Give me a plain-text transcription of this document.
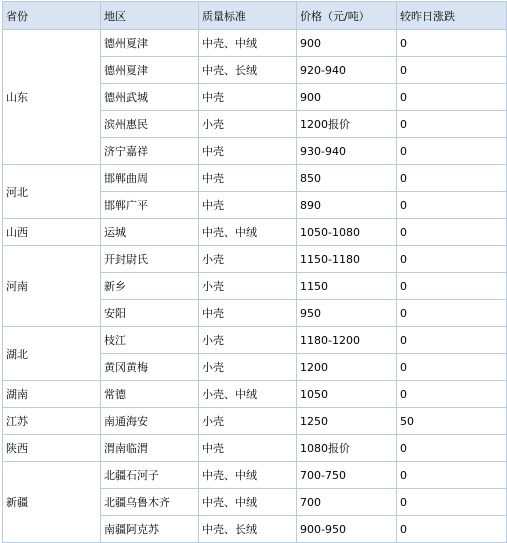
省份	地区	质量标准	价格（元/吨）	较昨日涨跌
山东	德州夏津	中壳、中绒	900	0
	德州夏津	中壳、长绒	920-940	0
	德州武城	中壳	900	0
	滨州惠民	小壳	1200报价	0
	济宁嘉祥	中壳	930-940	0
河北	邯郸曲周	中壳	850	0
	邯郸广平	中壳	890	0
山西	运城	中壳、中绒	1050-1080	0
河南	开封尉氏	小壳	1150-1180	0
	新乡	小壳	1150	0
	安阳	中壳	950	0
湖北	枝江	小壳	1180-1200	0
	黄冈黄梅	小壳	1200	0
湖南	常德	小壳、中绒	1050	0
江苏	南通海安	小壳	1250	50
陕西	渭南临渭	中壳	1080报价	0
新疆	北疆石河子	中壳、中绒	700-750	0
	北疆乌鲁木齐	中壳、中绒	700	0
	南疆阿克苏	中壳、长绒	900-950	0
